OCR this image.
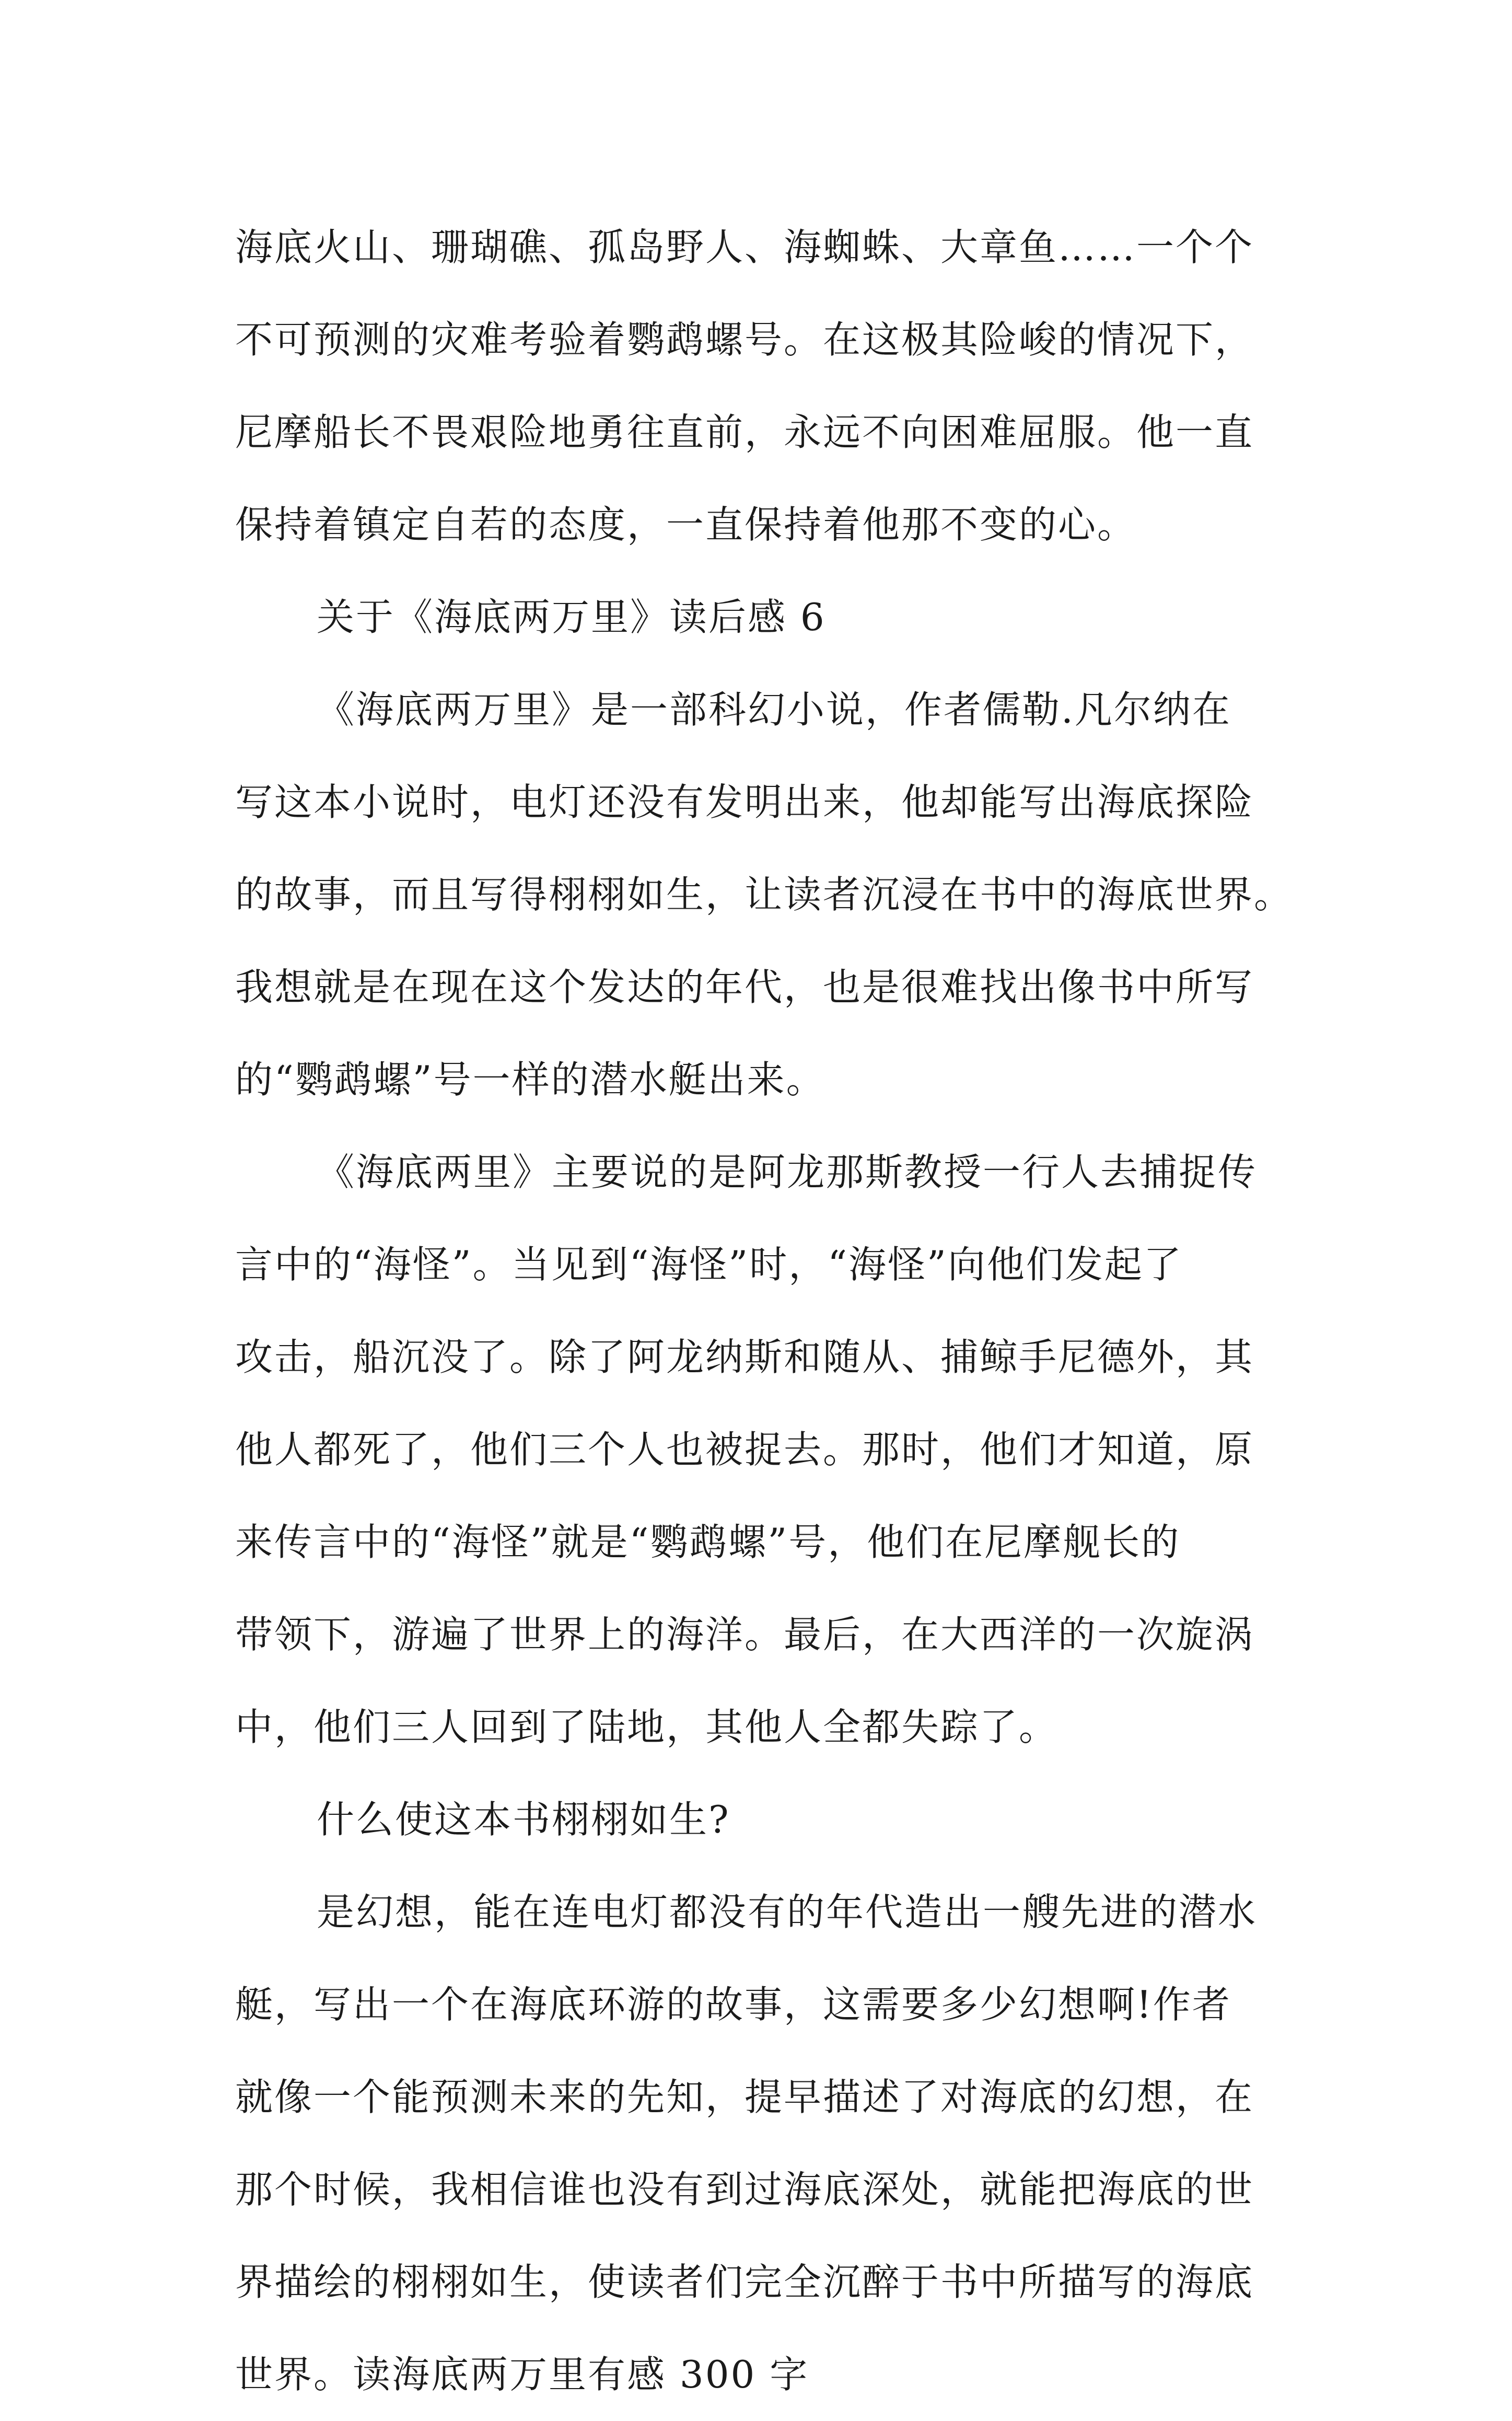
海底火山、珊瑚礁、孤岛野人、海蜘蛛、大章鱼……一个个
不可预测的灾难考验着鹦鹉螺号。在这极其险峻的情况下，
尼摩船长不畏艰险地勇往直前，永远不向困难屈服。他一直
保持着镇定自若的态度，一直保持着他那不变的心。
关于《海底两万里》读后感 6
《海底两万里》是一部科幻小说，作者儒勒.凡尔纳在
写这本小说时，电灯还没有发明出来，他却能写出海底探险
的故事，而且写得栩栩如生，让读者沉浸在书中的海底世界。
我想就是在现在这个发达的年代，也是很难找出像书中所写
的“鹦鹉螺”号一样的潜水艇出来。
《海底两里》主要说的是阿龙那斯教授一行人去捕捉传
言中的“海怪”。当见到“海怪”时，“海怪”向他们发起了
攻击，船沉没了。除了阿龙纳斯和随从、捕鲸手尼德外，其
他人都死了，他们三个人也被捉去。那时，他们才知道，原
来传言中的“海怪”就是“鹦鹉螺”号，他们在尼摩舰长的
带领下，游遍了世界上的海洋。最后，在大西洋的一次旋涡
中，他们三人回到了陆地，其他人全都失踪了。
什么使这本书栩栩如生?
是幻想，能在连电灯都没有的年代造出一艘先进的潜水
艇，写出一个在海底环游的故事，这需要多少幻想啊!作者
就像一个能预测未来的先知，提早描述了对海底的幻想，在
那个时候，我相信谁也没有到过海底深处，就能把海底的世
界描绘的栩栩如生，使读者们完全沉醉于书中所描写的海底
世界。读海底两万里有感 300 字
